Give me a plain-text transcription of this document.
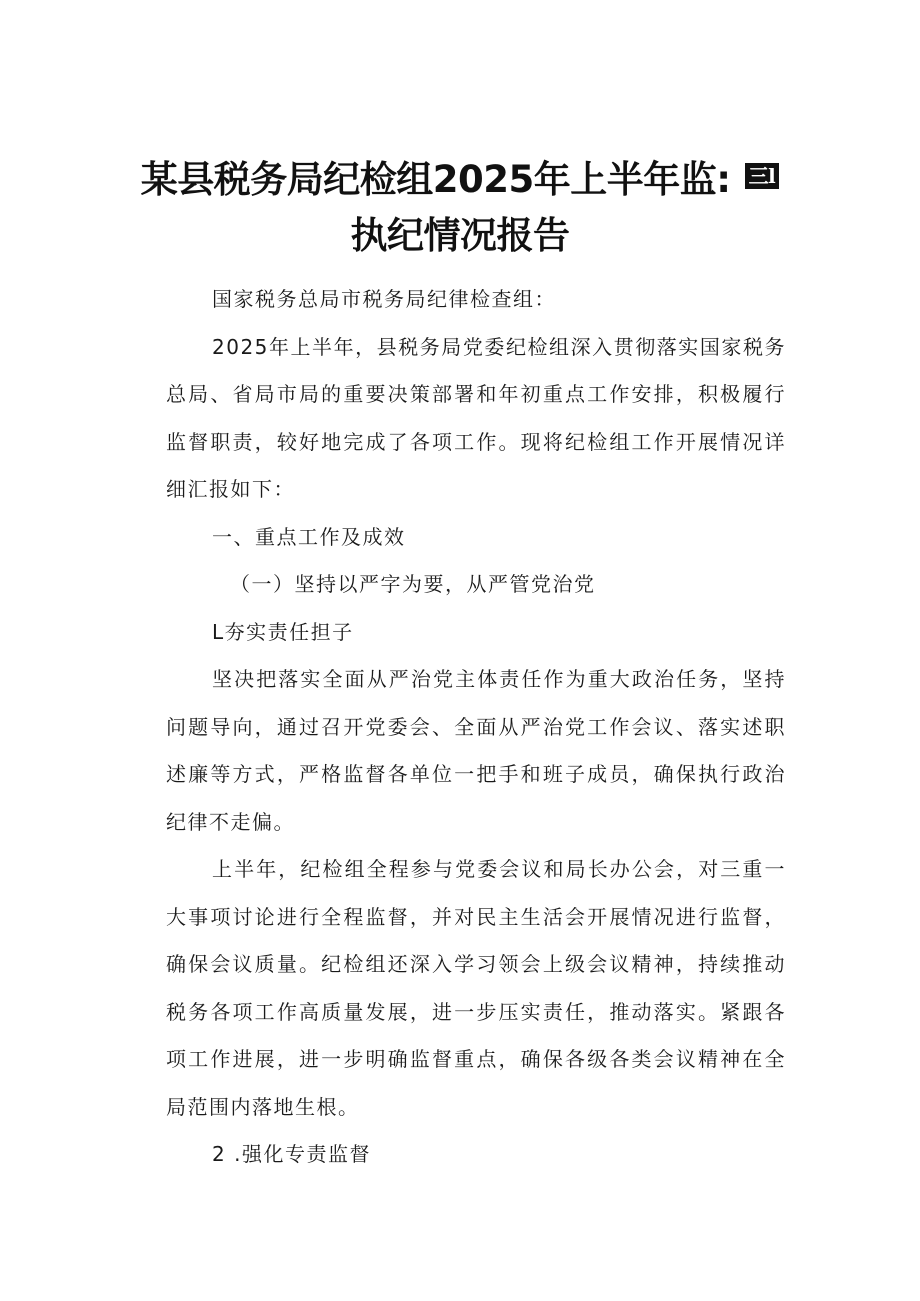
某县税务局纪检组2025年上半年监: 三l
执纪情况报告

国家税务总局市税务局纪律检查组：

2025年上半年，县税务局党委纪检组深入贯彻落实国家税务总局、省局市局的重要决策部署和年初重点工作安排，积极履行监督职责，较好地完成了各项工作。现将纪检组工作开展情况详细汇报如下：

一、重点工作及成效

（一）坚持以严字为要，从严管党治党

L夯实责任担子

坚决把落实全面从严治党主体责任作为重大政治任务，坚持问题导向，通过召开党委会、全面从严治党工作会议、落实述职述廉等方式，严格监督各单位一把手和班子成员，确保执行政治纪律不走偏。

上半年，纪检组全程参与党委会议和局长办公会，对三重一大事项讨论进行全程监督，并对民主生活会开展情况进行监督，确保会议质量。纪检组还深入学习领会上级会议精神，持续推动税务各项工作高质量发展，进一步压实责任，推动落实。紧跟各项工作进展，进一步明确监督重点，确保各级各类会议精神在全局范围内落地生根。

2 .强化专责监督
